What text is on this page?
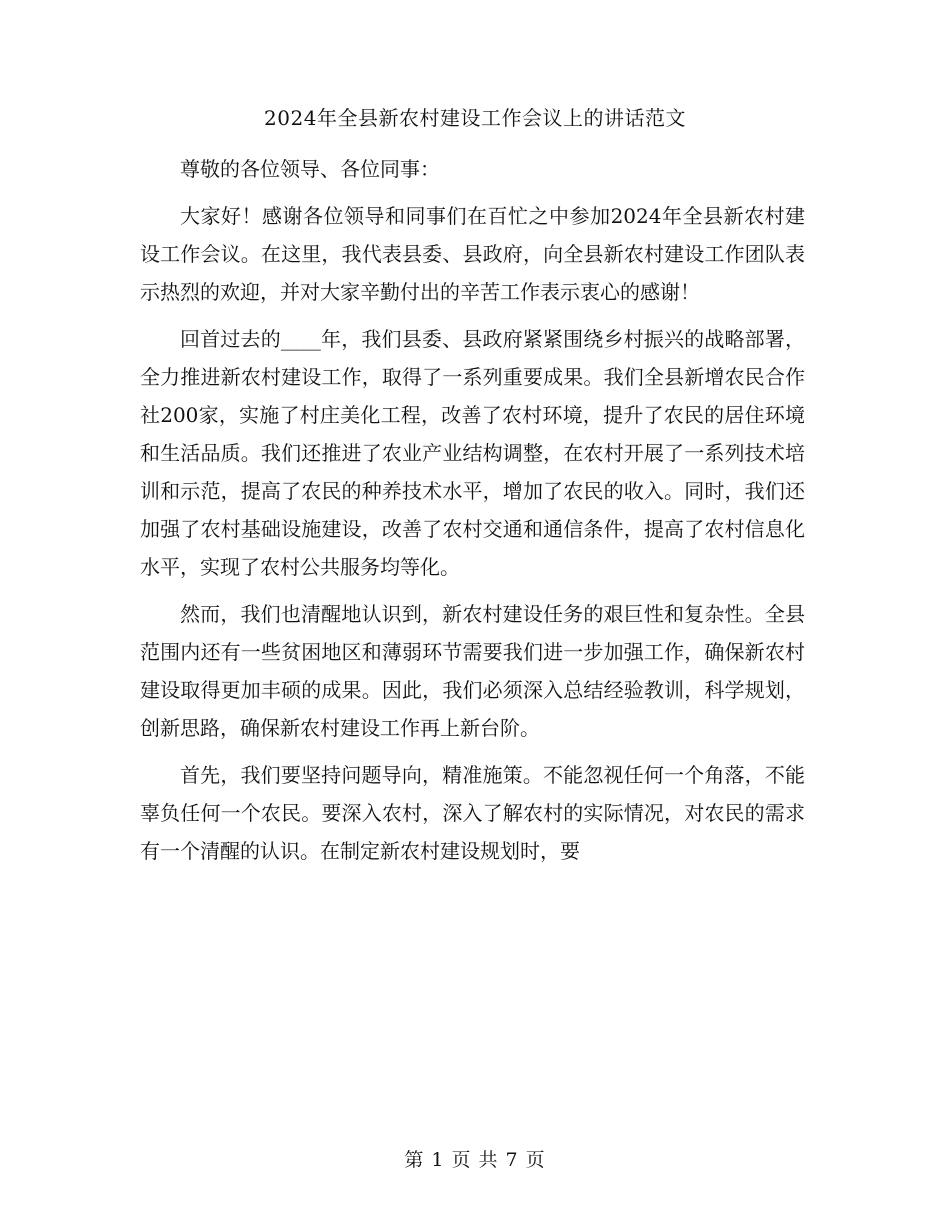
2024年全县新农村建设工作会议上的讲话范文

尊敬的各位领导、各位同事：

大家好！感谢各位领导和同事们在百忙之中参加2024年全县新农村建设工作会议。在这里，我代表县委、县政府，向全县新农村建设工作团队表示热烈的欢迎，并对大家辛勤付出的辛苦工作表示衷心的感谢！

回首过去的____年，我们县委、县政府紧紧围绕乡村振兴的战略部署，全力推进新农村建设工作，取得了一系列重要成果。我们全县新增农民合作社200家，实施了村庄美化工程，改善了农村环境，提升了农民的居住环境和生活品质。我们还推进了农业产业结构调整，在农村开展了一系列技术培训和示范，提高了农民的种养技术水平，增加了农民的收入。同时，我们还加强了农村基础设施建设，改善了农村交通和通信条件，提高了农村信息化水平，实现了农村公共服务均等化。

然而，我们也清醒地认识到，新农村建设任务的艰巨性和复杂性。全县范围内还有一些贫困地区和薄弱环节需要我们进一步加强工作，确保新农村建设取得更加丰硕的成果。因此，我们必须深入总结经验教训，科学规划，创新思路，确保新农村建设工作再上新台阶。

首先，我们要坚持问题导向，精准施策。不能忽视任何一个角落，不能辜负任何一个农民。要深入农村，深入了解农村的实际情况，对农民的需求有一个清醒的认识。在制定新农村建设规划时，要

第 1 页 共 7 页
